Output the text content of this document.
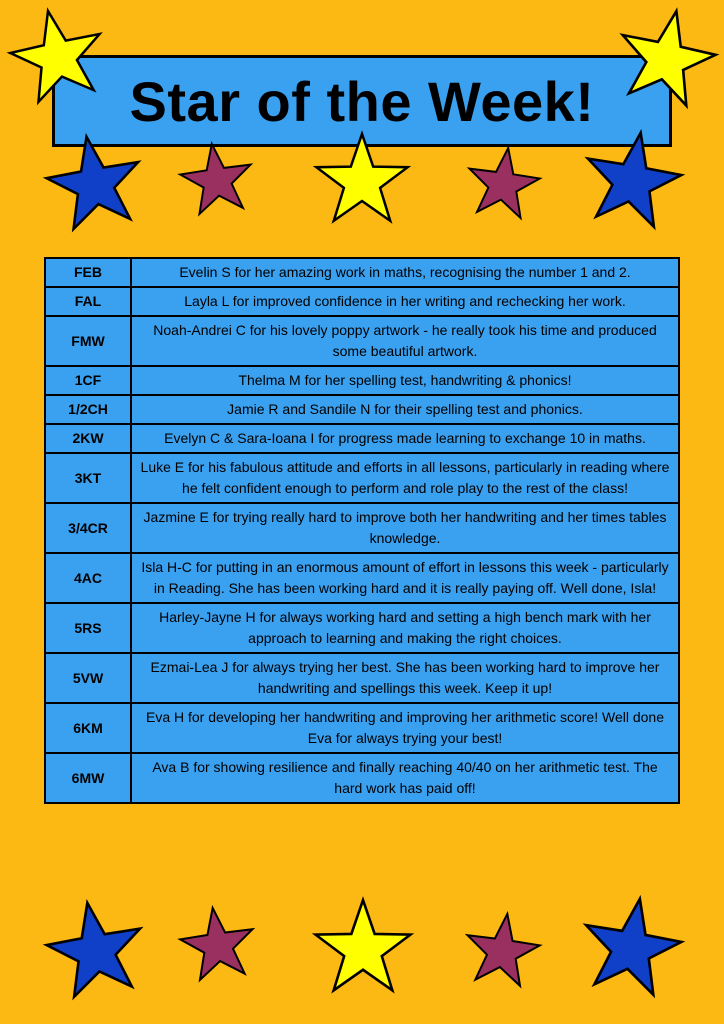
Star of the Week!
FEB	Evelin S for her amazing work in maths, recognising the number 1 and 2.
FAL	Layla L for improved confidence in her writing and rechecking her work.
FMW	Noah-Andrei C for his lovely poppy artwork - he really took his time and produced some beautiful artwork.
1CF	Thelma M for her spelling test, handwriting & phonics!
1/2CH	Jamie R and Sandile N for their spelling test and phonics.
2KW	Evelyn C & Sara-Ioana I for progress made learning to exchange 10 in maths.
3KT	Luke E for his fabulous attitude and efforts in all lessons, particularly in reading where he felt confident enough to perform and role play to the rest of the class!
3/4CR	Jazmine E for trying really hard to improve both her handwriting and her times tables knowledge.
4AC	Isla H-C for putting in an enormous amount of effort in lessons this week - particularly in Reading. She has been working hard and it is really paying off. Well done, Isla!
5RS	Harley-Jayne H for always working hard and setting a high bench mark with her approach to learning and making the right choices.
5VW	Ezmai-Lea J for always trying her best. She has been working hard to improve her handwriting and spellings this week. Keep it up!
6KM	Eva H for developing her handwriting and improving her arithmetic score! Well done Eva for always trying your best!
6MW	Ava B for showing resilience and finally reaching 40/40 on her arithmetic test. The hard work has paid off!
